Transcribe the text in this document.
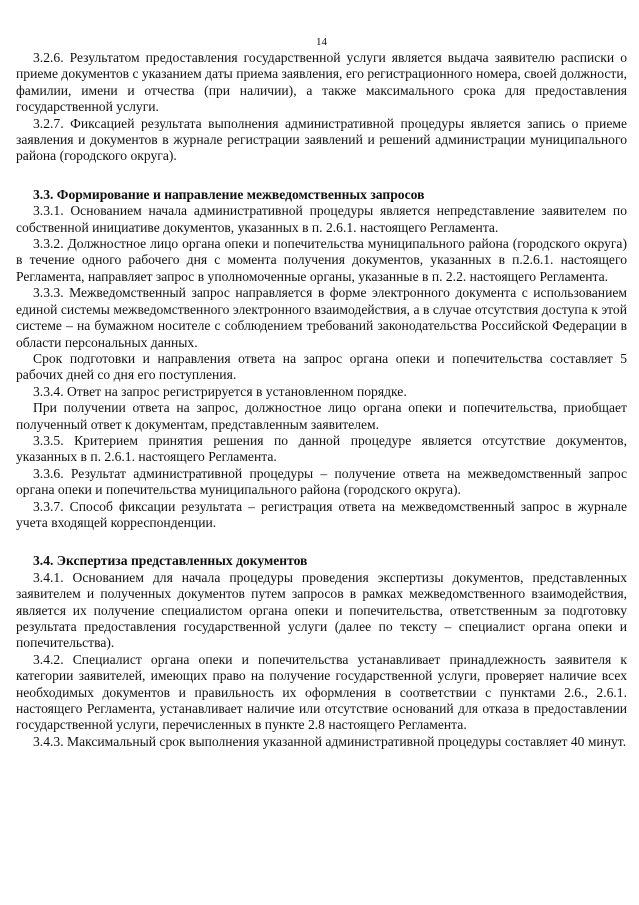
14

3.2.6. Результатом предоставления государственной услуги является выдача заявителю расписки о приеме документов с указанием даты приема заявления, его регистрационного номера, своей должности, фамилии, имени и отчества (при наличии), а также максимального срока для предоставления государственной услуги.

3.2.7. Фиксацией результата выполнения административной процедуры является запись о приеме заявления и документов в журнале регистрации заявлений и решений администрации муниципального района (городского округа).

3.3. Формирование и направление межведомственных запросов

3.3.1. Основанием начала административной процедуры является непредставление заявителем по собственной инициативе документов, указанных в п. 2.6.1. настоящего Регламента.

3.3.2. Должностное лицо органа опеки и попечительства муниципального района (городского округа) в течение одного рабочего дня с момента получения документов, указанных в п.2.6.1. настоящего Регламента, направляет запрос в уполномоченные органы, указанные в п. 2.2. настоящего Регламента.

3.3.3. Межведомственный запрос направляется в форме электронного документа с использованием единой системы межведомственного электронного взаимодействия, а в случае отсутствия доступа к этой системе – на бумажном носителе с соблюдением требований законодательства Российской Федерации в области персональных данных.

Срок подготовки и направления ответа на запрос органа опеки и попечительства составляет 5 рабочих дней со дня его поступления.

3.3.4. Ответ на запрос регистрируется в установленном порядке.

При получении ответа на запрос, должностное лицо органа опеки и попечительства, приобщает полученный ответ к документам, представленным заявителем.

3.3.5. Критерием принятия решения по данной процедуре является отсутствие документов, указанных в п. 2.6.1. настоящего Регламента.

3.3.6. Результат административной процедуры – получение ответа на межведомственный запрос органа опеки и попечительства муниципального района (городского округа).

3.3.7. Способ фиксации результата – регистрация ответа на межведомственный запрос в журнале учета входящей корреспонденции.

3.4. Экспертиза представленных документов

3.4.1. Основанием для начала процедуры проведения экспертизы документов, представленных заявителем и полученных документов путем запросов в рамках межведомственного взаимодействия, является их получение специалистом органа опеки и попечительства, ответственным за подготовку результата предоставления государственной услуги (далее по тексту – специалист органа опеки и попечительства).

3.4.2. Специалист органа опеки и попечительства устанавливает принадлежность заявителя к категории заявителей, имеющих право на получение государственной услуги, проверяет наличие всех необходимых документов и правильность их оформления в соответствии с пунктами 2.6., 2.6.1. настоящего Регламента, устанавливает наличие или отсутствие оснований для отказа в предоставлении государственной услуги, перечисленных в пункте 2.8 настоящего Регламента.

3.4.3. Максимальный срок выполнения указанной административной процедуры составляет 40 минут.
